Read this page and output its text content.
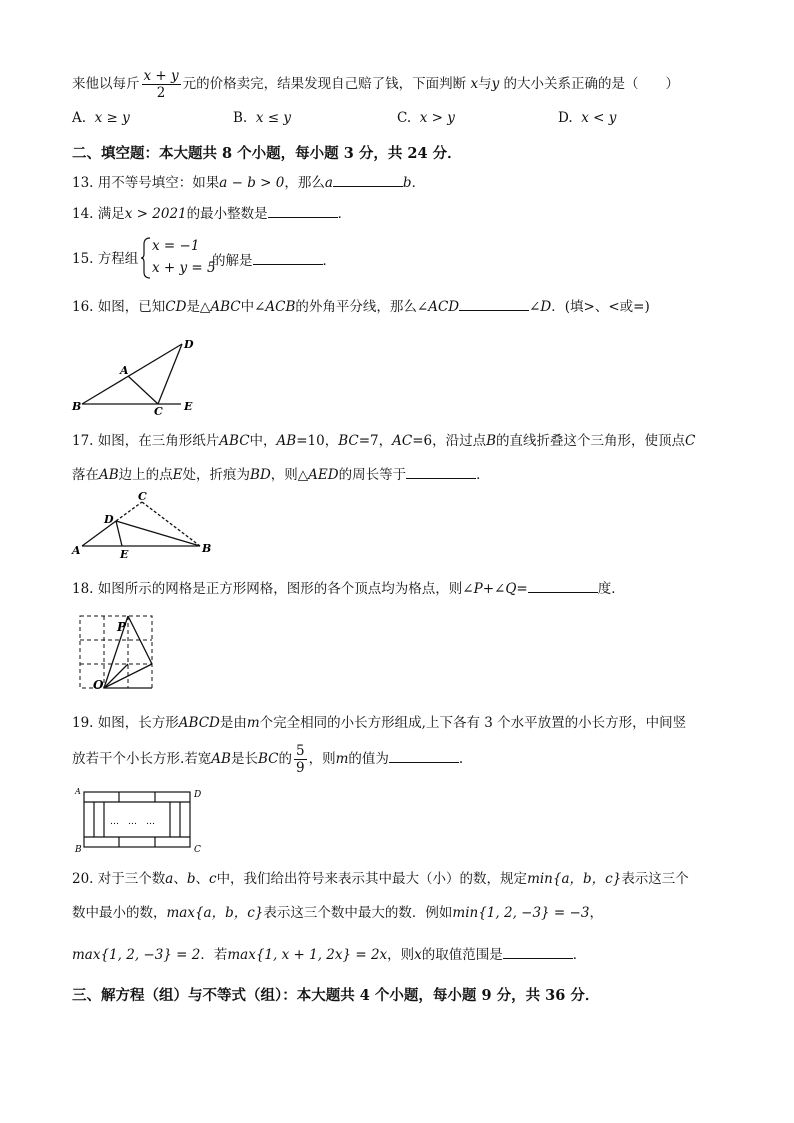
来他以每斤 $\frac{x + y}{2}$ 元的价格卖完，结果发现自己赔了钱，下面判断 x与y 的大小关系正确的是（　　）
A. x ≥ y	B. x ≤ y	C. x > y	D. x < y
二、填空题：本大题共 8 个小题，每小题 3 分，共 24 分．
13. 用不等号填空：如果a − b > 0，那么a	b．
14. 满足x > 2021的最小整数是	．
15. 方程组
x = −1
x + y = 5
的解是	．
16. 如图，已知CD是△ABC中∠ACB的外角平分线，那么∠ACD	∠D．(填>、<或=)
D
A
B	C E
17. 如图，在三角形纸片ABC中，AB=10，BC=7，AC=6，沿过点B的直线折叠这个三角形，使顶点C
落在AB边上的点E处，折痕为BD，则△AED的周长等于	．
C
D
A	E	B
18. 如图所示的网格是正方形网格，图形的各个顶点均为格点，则∠P+∠Q=	度．
P
O
19. 如图，长方形ABCD是由m个完全相同的小长方形组成,上下各有 3 个水平放置的小长方形，中间竖
放若干个小长方形.若宽AB是长BC的 $\frac{5}{9}$ ，则m的值为	.
…　…　…
A	D
B	C
20. 对于三个数a、b、c中，我们给出符号来表示其中最大（小）的数，规定min{a，b，c}表示这三个
数中最小的数，max{a，b，c}表示这三个数中最大的数．例如min{1, 2, −3} = −3，
max{1, 2, −3} = 2．若max{1, x + 1, 2x} = 2x，则x的取值范围是	．
三、解方程（组）与不等式（组）：本大题共 4 个小题，每小题 9 分，共 36 分．
